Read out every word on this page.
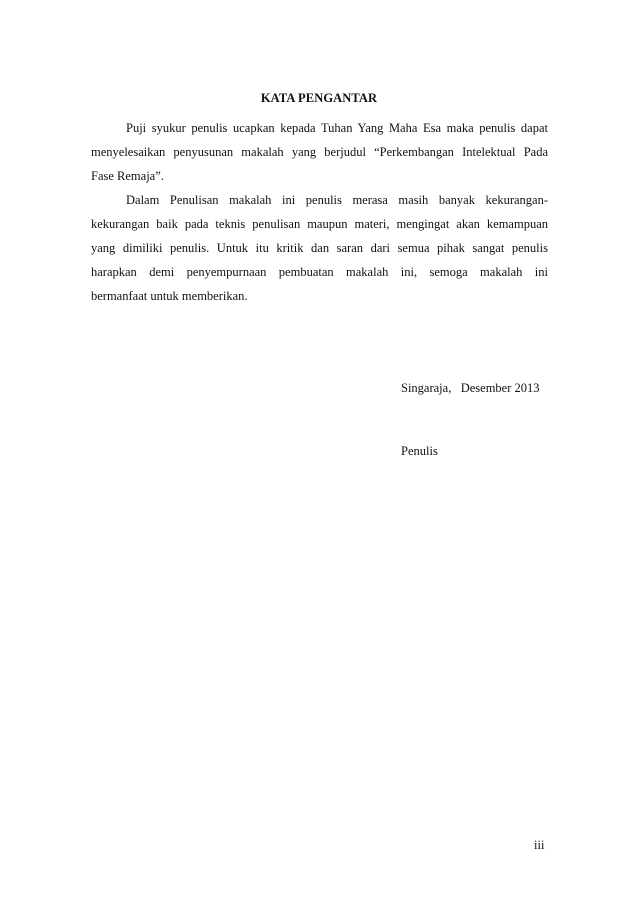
KATA PENGANTAR
Puji syukur penulis ucapkan kepada Tuhan Yang Maha Esa maka penulis dapat
menyelesaikan penyusunan makalah yang berjudul “Perkembangan Intelektual Pada
Fase Remaja”.
Dalam Penulisan makalah ini penulis merasa masih banyak kekurangan-
kekurangan baik pada teknis penulisan maupun materi, mengingat akan kemampuan
yang dimiliki penulis. Untuk itu kritik dan saran dari semua pihak sangat penulis
harapkan demi penyempurnaan pembuatan makalah ini, semoga makalah ini
bermanfaat untuk memberikan.
Singaraja,   Desember 2013
Penulis
iii
